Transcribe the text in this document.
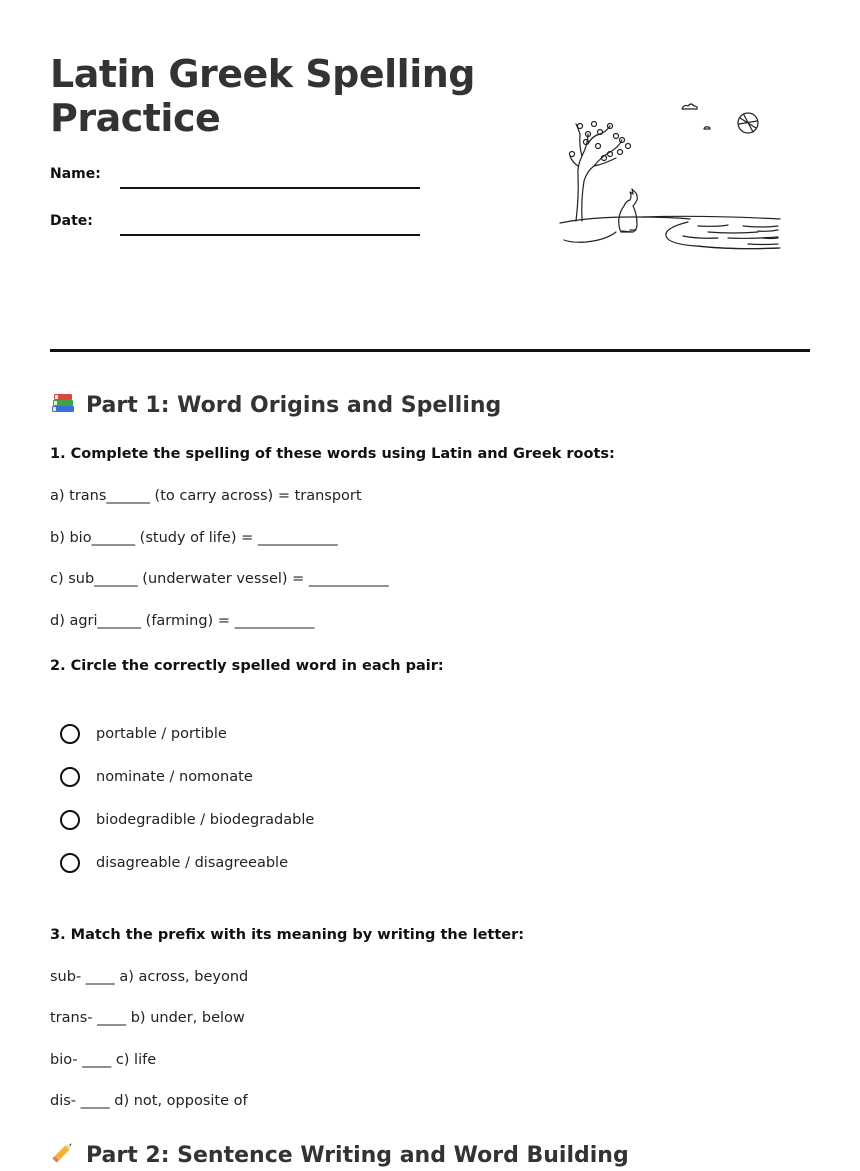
Latin Greek Spelling
Practice
Name:
Date:
Part 1: Word Origins and Spelling
1. Complete the spelling of these words using Latin and Greek roots:
a) trans______ (to carry across) = transport
b) bio______ (study of life) = ___________
c) sub______ (underwater vessel) = ___________
d) agri______ (farming) = ___________
2. Circle the correctly spelled word in each pair:
portable / portible
nominate / nomonate
biodegradible / biodegradable
disagreable / disagreeable
3. Match the prefix with its meaning by writing the letter:
sub- ____ a) across, beyond
trans- ____ b) under, below
bio- ____ c) life
dis- ____ d) not, opposite of
Part 2: Sentence Writing and Word Building
